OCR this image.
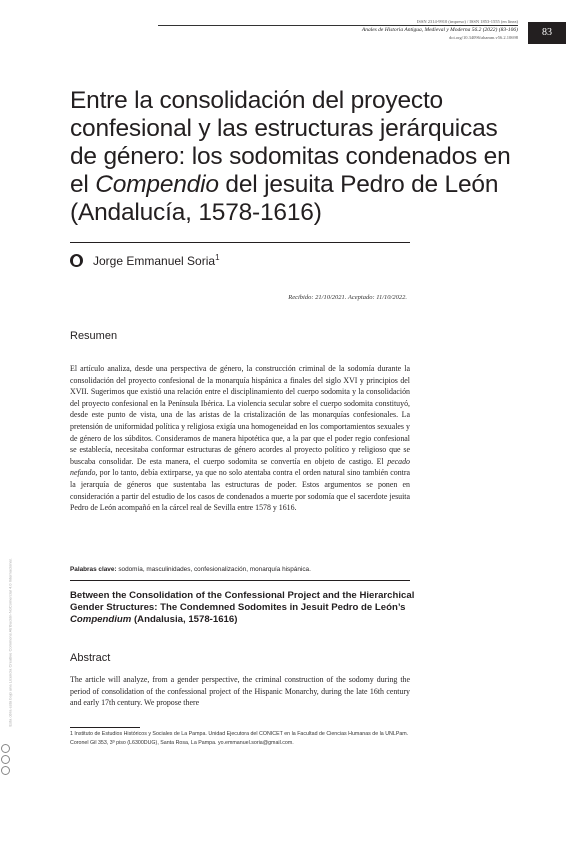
ISSN 2314-9910 (impreso) / ISSN 1853-1555 (en línea)
Anales de Historia Antigua, Medieval y Moderna 56.2 (2022) (83-106)
doi.org/10.34096/ahamm.v56.2.10698	83
Entre la consolidación del proyecto confesional y las estructuras jerárquicas de género: los sodomitas condenados en el Compendio del jesuita Pedro de León (Andalucía, 1578-1616)
Jorge Emmanuel Soria$^1$
Recibido: 21/10/2021. Aceptado: 11/10/2022.
Resumen

El artículo analiza, desde una perspectiva de género, la construcción criminal de la sodomía durante la consolidación del proyecto confesional de la monarquía hispánica a finales del siglo XVI y principios del XVII. Sugerimos que existió una relación entre el disciplinamiento del cuerpo sodomita y la consolidación del proyecto confesional en la Península Ibérica. La violencia secular sobre el cuerpo sodomita constituyó, desde este punto de vista, una de las aristas de la cristalización de las monarquías confesionales. La pretensión de uniformidad política y religiosa exigía una homogeneidad en los comportamientos sexuales y de género de los súbditos. Consideramos de manera hipotética que, a la par que el poder regio confesional se establecía, necesitaba conformar estructuras de género acordes al proyecto político y religioso que se buscaba consolidar. De esta manera, el cuerpo sodomita se convertía en objeto de castigo. El pecado nefando, por lo tanto, debía extirparse, ya que no solo atentaba contra el orden natural sino también contra la jerarquía de géneros que sustentaba las estructuras de poder. Estos argumentos se ponen en consideración a partir del estudio de los casos de condenados a muerte por sodomía que el sacerdote jesuita Pedro de León acompañó en la cárcel real de Sevilla entre 1578 y 1616.

Palabras clave: sodomía, masculinidades, confesionalización, monarquía hispánica.
Between the Consolidation of the Confessional Project and the Hierarchical Gender Structures: The Condemned Sodomites in Jesuit Pedro de León’s Compendium (Andalusia, 1578-1616)
Abstract

The article will analyze, from a gender perspective, the criminal construction of the sodomy during the period of consolidation of the confessional project of the Hispanic Monarchy, during the late 16th century and early 17th century. We propose there

1 Instituto de Estudios Históricos y Sociales de La Pampa. Unidad Ejecutora del CONICET en la Facultad de Ciencias Humanas de la UNLPam. Coronel Gil 353, 3º piso (L6300DUG), Santa Rosa, La Pampa. yo.emmanuel.soria@gmail.com.
Esta obra está bajo una Licencia Creative Commons Atribución-NoComercial 4.0 Internacional.
